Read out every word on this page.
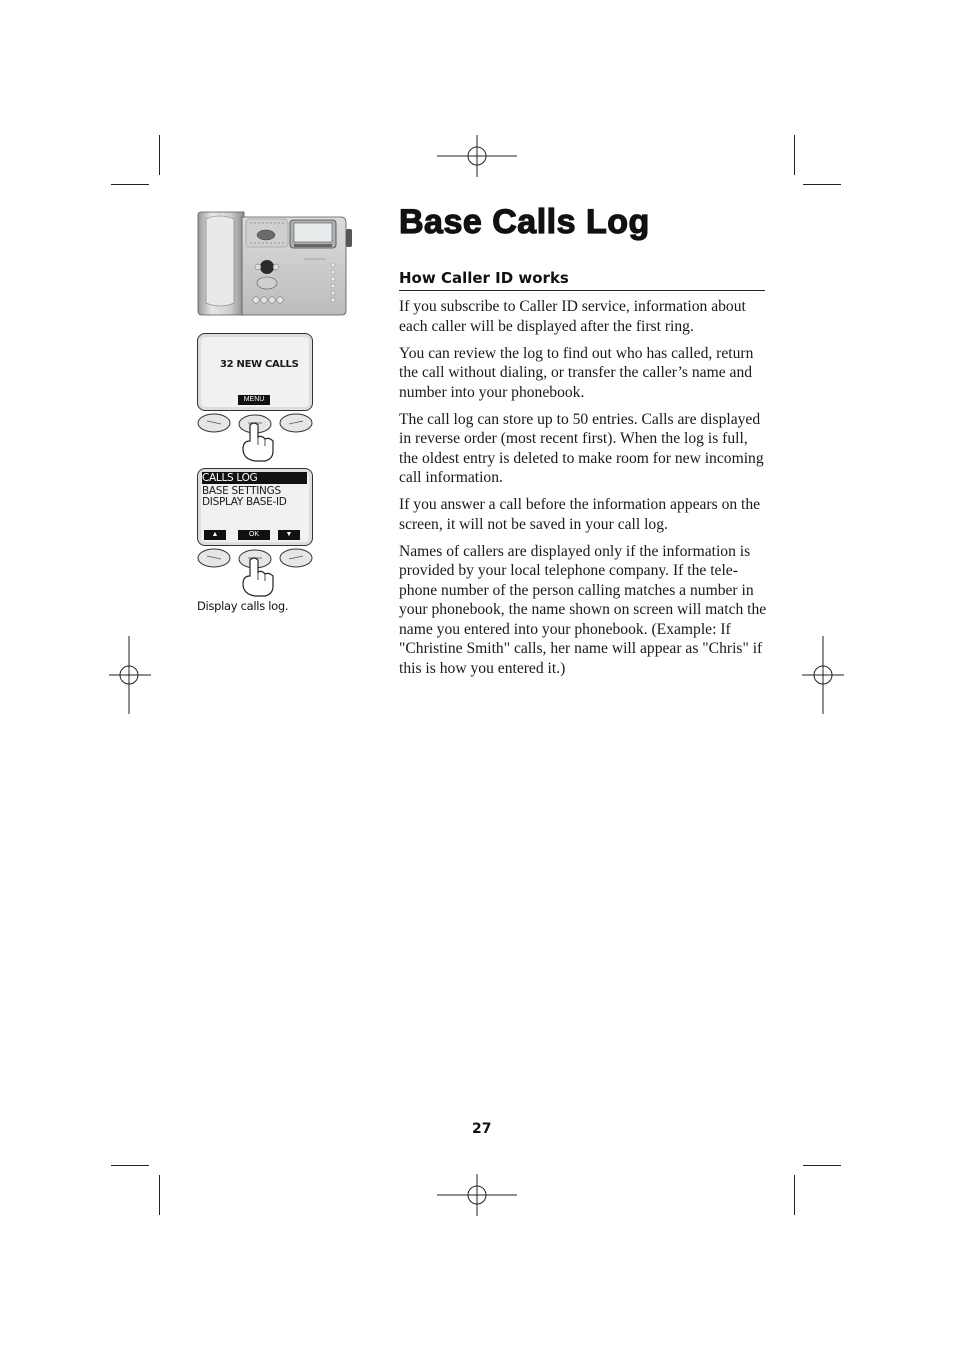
32 NEW CALLS
MENU
CALLS LOG
BASE SETTINGS
DISPLAY BASE-ID
▲	OK	▼
Display calls log.
Base Calls Log
How Caller ID works

If you subscribe to Caller ID service, information about each caller will be displayed after the first ring.

You can review the log to find out who has called, return the call without dialing, or transfer the caller’s name and number into your phonebook.

The call log can store up to 50 entries. Calls are displayed in reverse order (most recent first). When the log is full, the oldest entry is deleted to make room for new incoming call information.

If you answer a call before the information appears on the screen, it will not be saved in your call log.

Names of callers are displayed only if the information is provided by your local telephone company. If the telephone number of the person calling matches a number in your phonebook, the name shown on screen will match the name you entered into your phonebook. (Example: If "Christine Smith" calls, her name will appear as "Chris" if this is how you entered it.)

27
